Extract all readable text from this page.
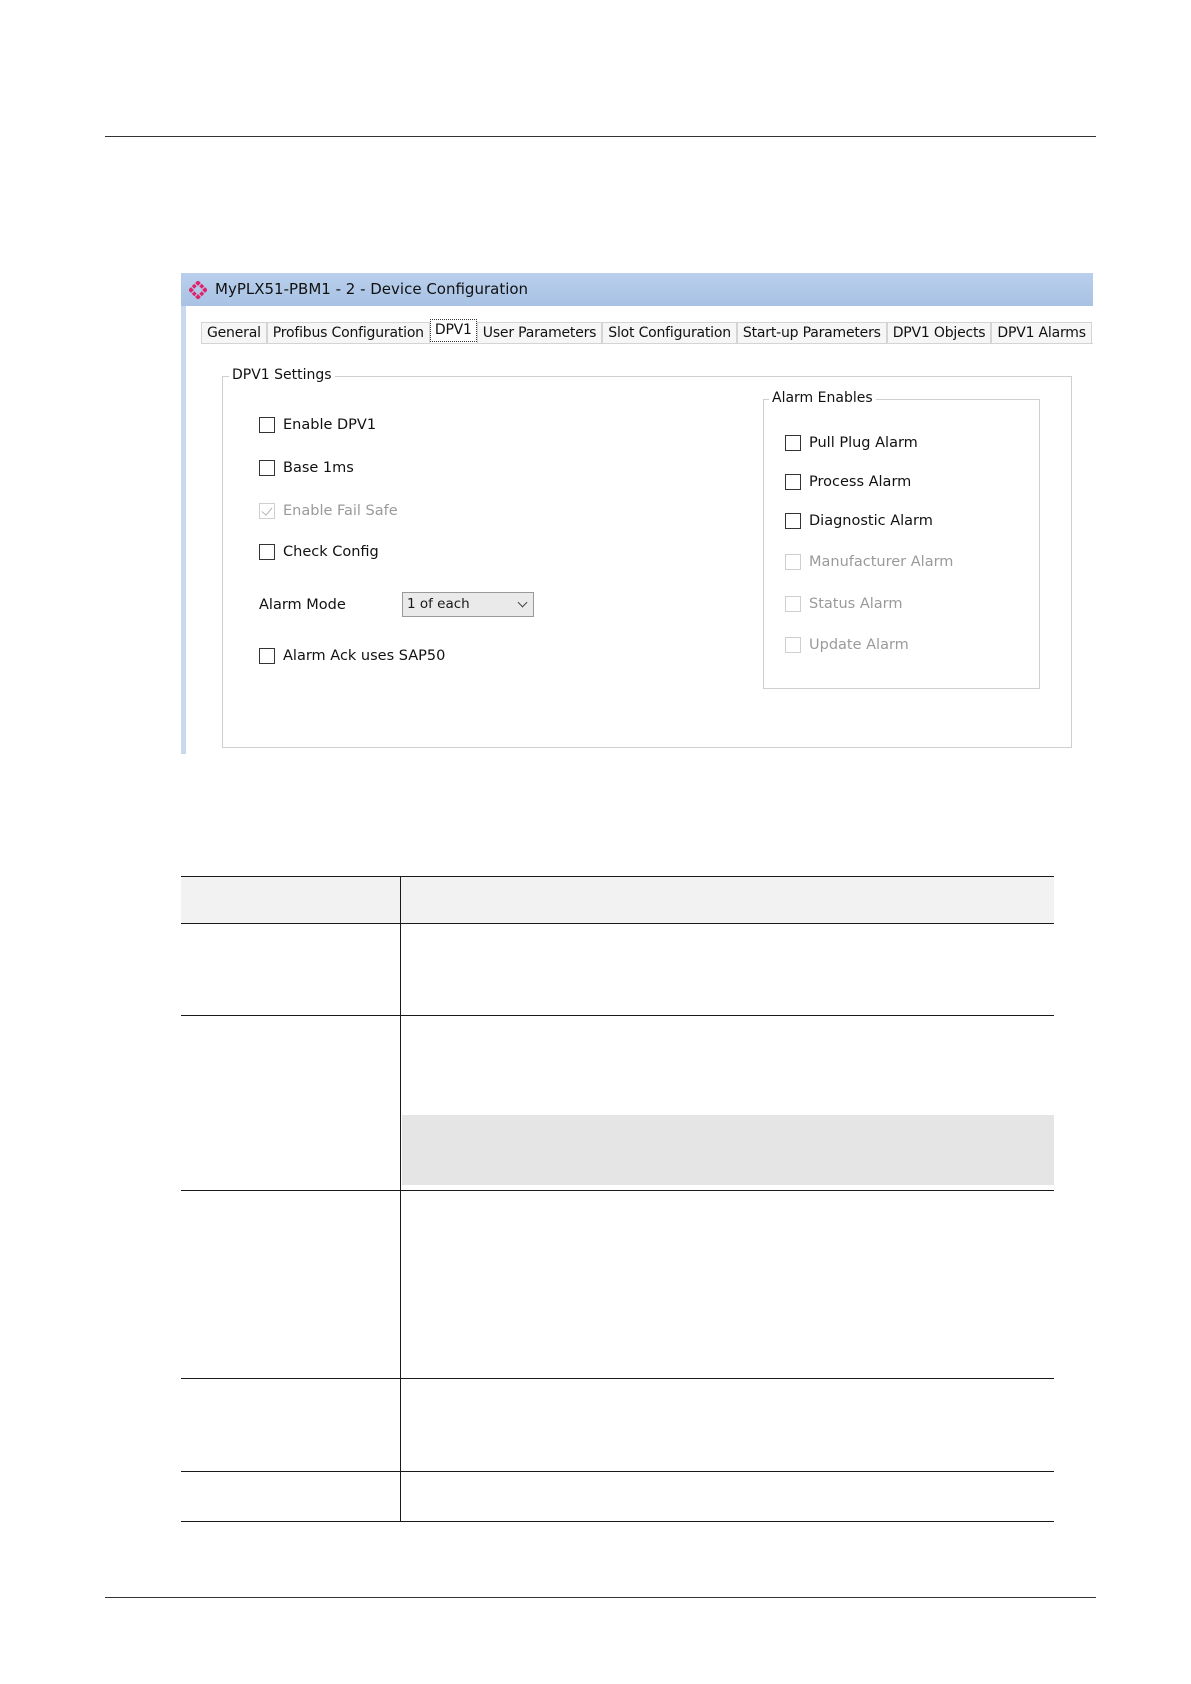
MyPLX51-PBM1 - 2 - Device Configuration
General Profibus Configuration DPV1 User Parameters Slot Configuration Start-up Parameters DPV1 Objects DPV1 Alarms
DPV1 Settings
Enable DPV1
Base 1ms
Enable Fail Safe
Check Config
Alarm Mode	1 of each
Alarm Ack uses SAP50
Alarm Enables
Pull Plug Alarm
Process Alarm
Diagnostic Alarm
Manufacturer Alarm
Status Alarm
Update Alarm
